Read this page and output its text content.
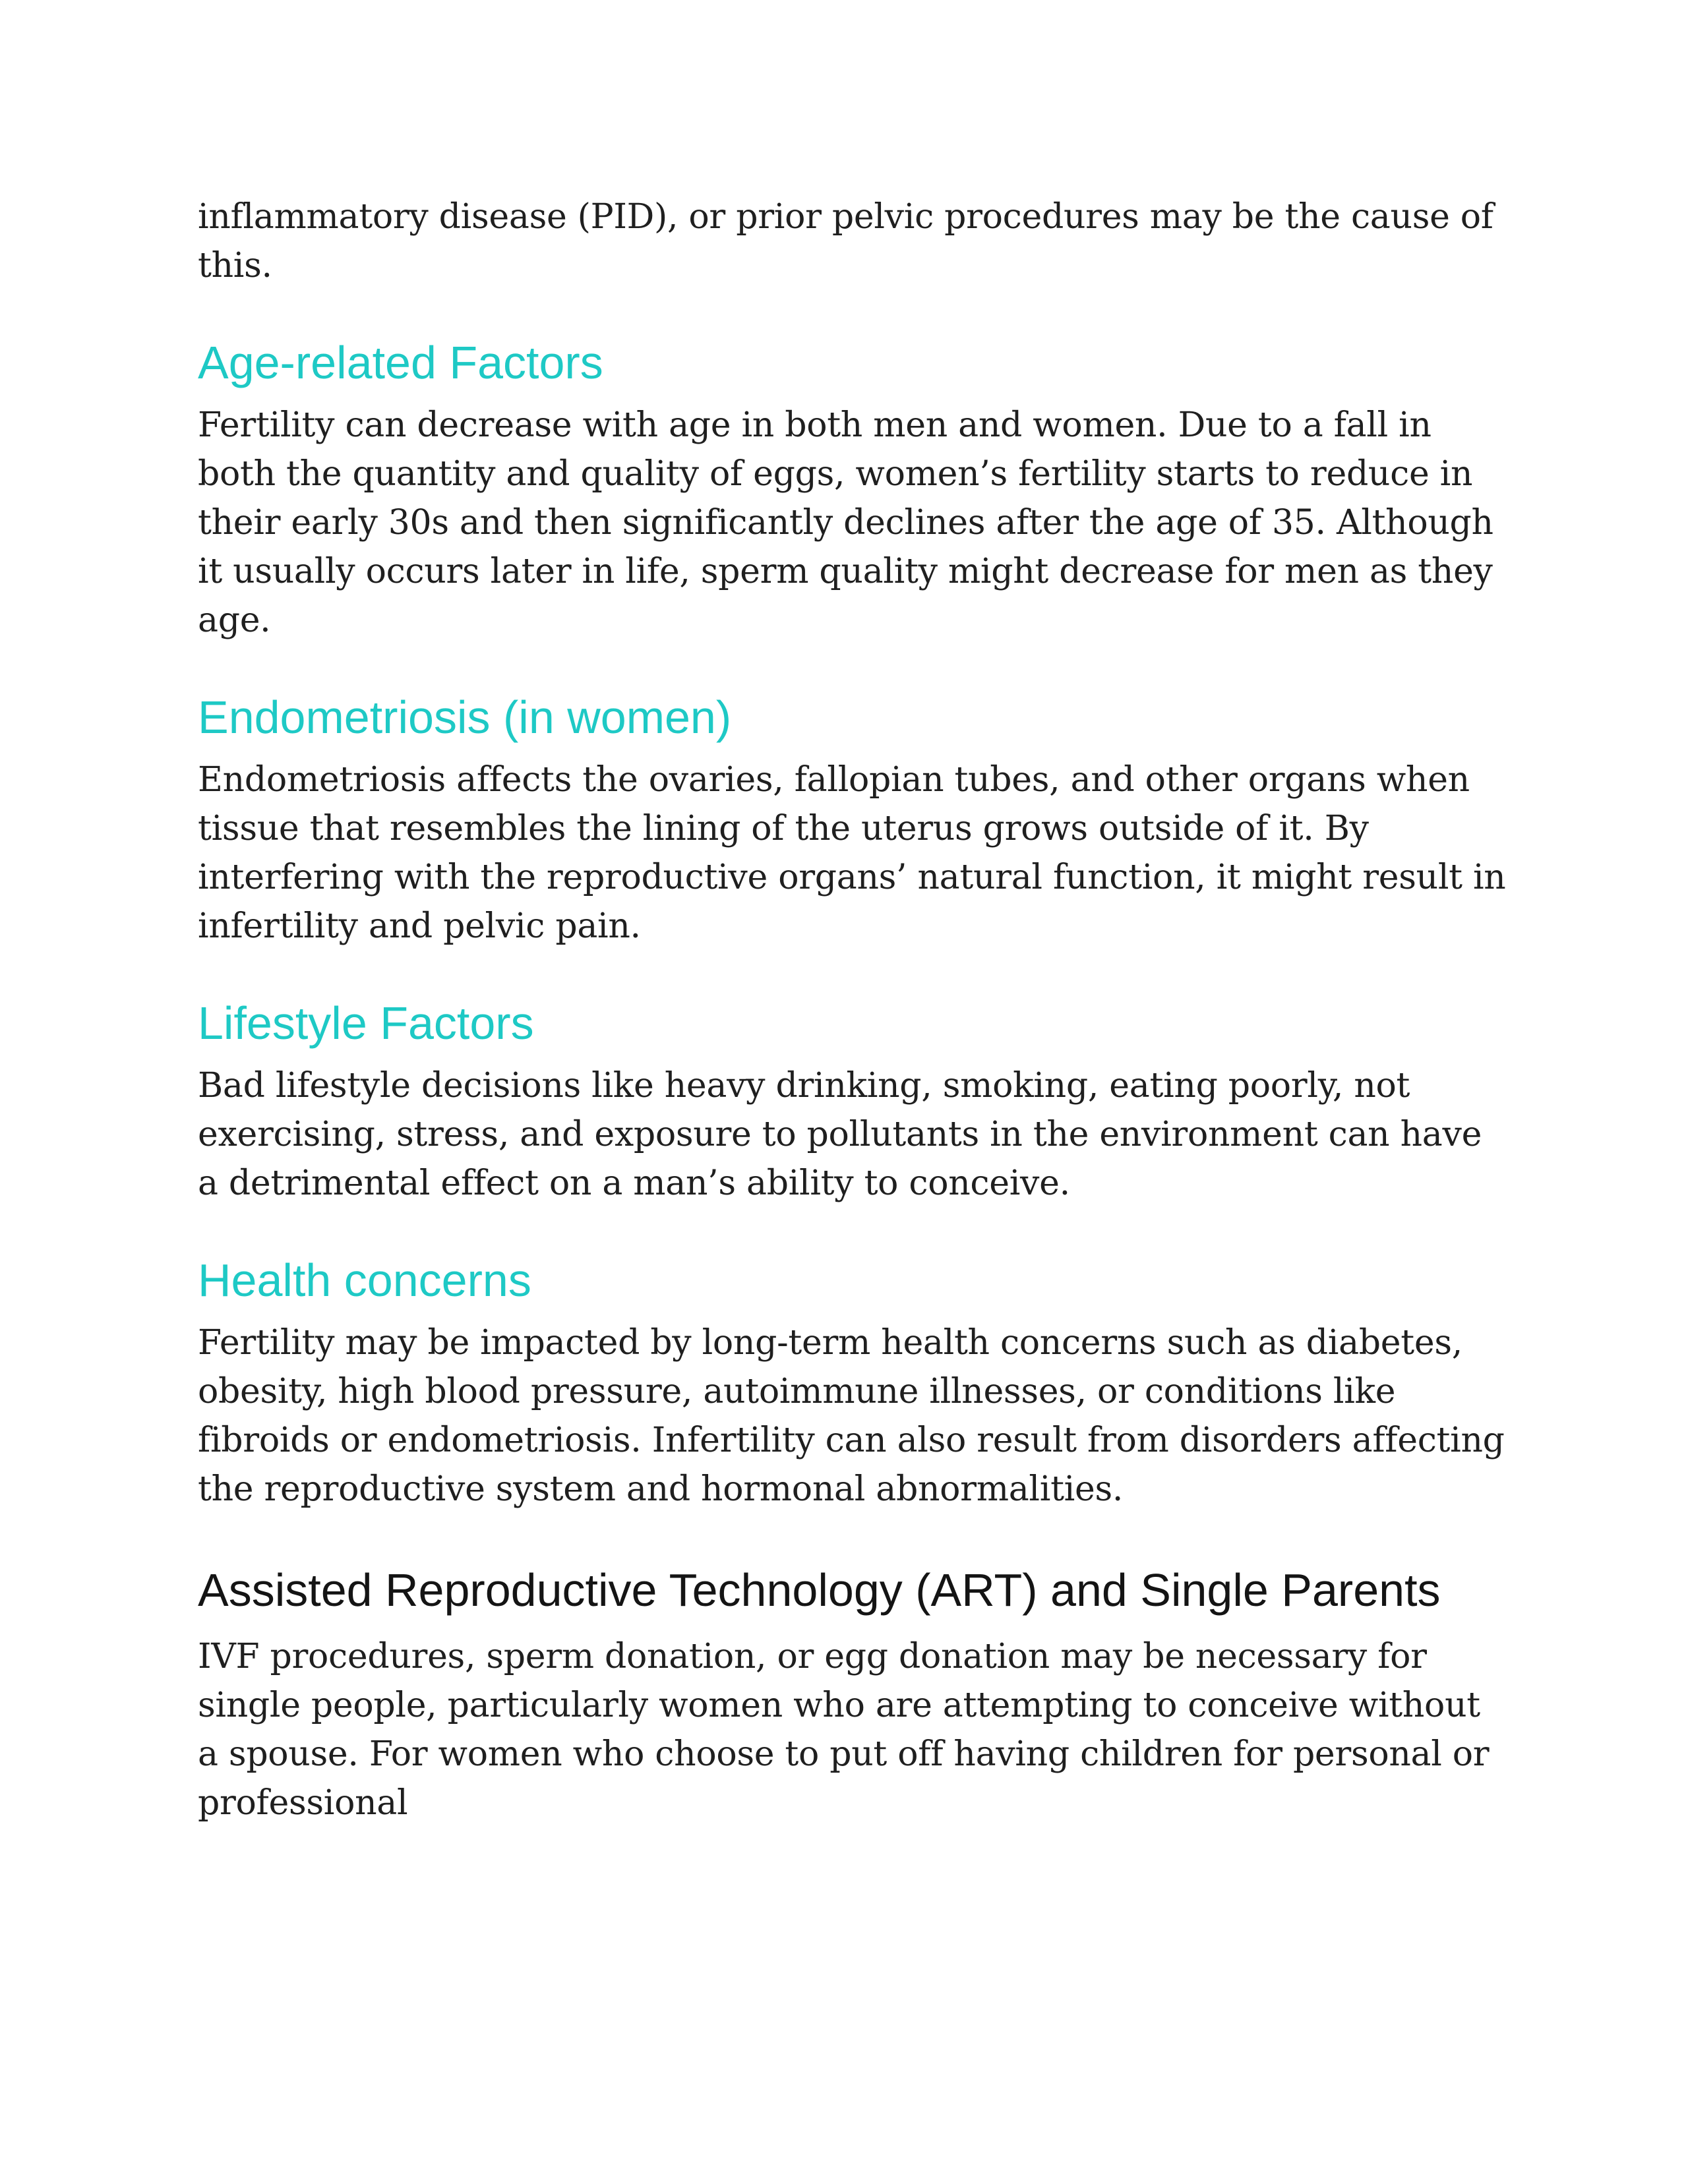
inflammatory disease (PID), or prior pelvic procedures may be the cause of this.

Age-related Factors

Fertility can decrease with age in both men and women. Due to a fall in both the quantity and quality of eggs, women’s fertility starts to reduce in their early 30s and then significantly declines after the age of 35. Although it usually occurs later in life, sperm quality might decrease for men as they age.

Endometriosis (in women)

Endometriosis affects the ovaries, fallopian tubes, and other organs when tissue that resembles the lining of the uterus grows outside of it. By interfering with the reproductive organs’ natural function, it might result in infertility and pelvic pain.

Lifestyle Factors

Bad lifestyle decisions like heavy drinking, smoking, eating poorly, not exercising, stress, and exposure to pollutants in the environment can have a detrimental effect on a man’s ability to conceive.

Health concerns

Fertility may be impacted by long-term health concerns such as diabetes, obesity, high blood pressure, autoimmune illnesses, or conditions like fibroids or endometriosis. Infertility can also result from disorders affecting the reproductive system and hormonal abnormalities.

Assisted Reproductive Technology (ART) and Single Parents

IVF procedures, sperm donation, or egg donation may be necessary for single people, particularly women who are attempting to conceive without a spouse. For women who choose to put off having children for personal or professional
